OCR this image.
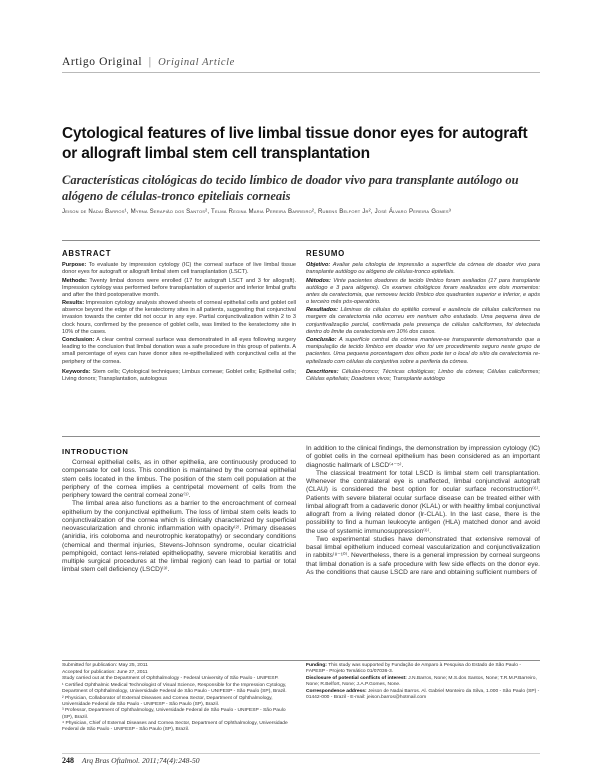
Artigo Original | Original Article
Cytological features of live limbal tissue donor eyes for autograft or allograft limbal stem cell transplantation
Características citológicas do tecido límbico de doador vivo para transplante autólogo ou alógeno de células-tronco epiteliais corneais
Jeison de Nadai Barros¹, Myrna Serapião dos Santos², Telma Regina Maria Pereira Barreiro², Rubens Belfort Jr², José Álvaro Pereira Gomes³
ABSTRACT

Purpose: To evaluate by impression cytology (IC) the corneal surface of live limbal tissue donor eyes for autograft or allograft limbal stem cell transplantation (LSCT).

Methods: Twenty limbal donors were enrolled (17 for autograft LSCT and 3 for allograft). Impression cytology was performed before transplantation of superior and inferior limbal grafts and after the third postoperative month.

Results: Impression cytology analysis showed sheets of corneal epithelial cells and goblet cell absence beyond the edge of the keratectomy sites in all patients, suggesting that conjunctival invasion towards the center did not occur in any eye. Partial conjunctivalization within 2 to 3 clock hours, confirmed by the presence of goblet cells, was limited to the keratectomy site in 10% of the cases.

Conclusion: A clear central corneal surface was demonstrated in all eyes following surgery leading to the conclusion that limbal donation was a safe procedure in this group of patients. A small percentage of eyes can have donor sites re-epithelialized with conjunctival cells at the periphery of the cornea.

Keywords: Stem cells; Cytological techniques; Limbus corneae; Goblet cells; Epithelial cells; Living donors; Transplantation, autologous

RESUMO

Objetivo: Avaliar pela citologia de impressão a superfície da córnea de doador vivo para transplante autólogo ou alógeno de células-tronco epiteliais.

Métodos: Vinte pacientes doadores de tecido límbico foram avaliados (17 para transplante autólogo e 3 para alógeno). Os exames citológicos foram realizados em dois momentos: antes da ceratectomia, que removeu tecido límbico dos quadrantes superior e inferior, e após o terceiro mês pós-operatório.

Resultados: Lâminas de células do epitélio corneal e ausência de células caliciformes na margem da ceratectomia não ocorreu em nenhum olho estudado. Uma pequena área de conjuntivalização parcial, confirmada pela presença de células caliciformes, foi detectada dentro do limite da ceratectomia em 10% dos casos.

Conclusão: A superfície central da córnea manteve-se transparente demonstrando que a manipulação de tecido límbico em doador vivo foi um procedimento seguro neste grupo de pacientes. Uma pequena porcentagem dos olhos pode ter o local do sítio da ceratectomia re-epitelizado com células da conjuntiva sobre a periferia da córnea.

Descritores: Células-tronco; Técnicas citológicas; Limbo da córnea; Células caliciformes; Células epiteliais; Doadores vivos; Transplante autólogo

INTRODUCTION

Corneal epithelial cells, as in other epithelia, are continuously produced to compensate for cell loss. This condition is maintained by the corneal epithelial stem cells located in the limbus. The position of the stem cell population at the periphery of the cornea implies a centripetal movement of cells from the periphery toward the central corneal zone⁽¹⁾.

The limbal area also functions as a barrier to the encroachment of corneal epithelium by the conjunctival epithelium. The loss of limbal stem cells leads to conjunctivalization of the cornea which is clinically characterized by superficial neovascularization and chronic inflammation with opacity⁽²⁾. Primary diseases (aniridia, iris coloboma and neurotrophic keratopathy) or secondary conditions (chemical and thermal injuries, Stevens-Johnson syndrome, ocular cicatricial pemphigoid, contact lens-related epitheliopathy, severe microbial keratitis and multiple surgical procedures at the limbal region) can lead to partial or total limbal stem cell deficiency (LSCD)⁽³⁾.

In addition to the clinical findings, the demonstration by impression cytology (IC) of goblet cells in the corneal epithelium has been considered as an important diagnostic hallmark of LSCD⁽⁴⁻⁵⁾.

The classical treatment for total LSCD is limbal stem cell transplantation. Whenever the contralateral eye is unaffected, limbal conjunctival autograft (CLAU) is considered the best option for ocular surface reconstruction⁽⁶⁾. Patients with severe bilateral ocular surface disease can be treated either with limbal allograft from a cadaveric donor (KLAL) or with healthy limbal conjunctival allograft from a living related donor (lr-CLAL). In the last case, there is the possibility to find a human leukocyte antigen (HLA) matched donor and avoid the use of systemic immunosuppression⁽⁶⁾.

Two experimental studies have demonstrated that extensive removal of basal limbal epithelium induced corneal vascularization and conjunctivalization in rabbits⁽⁸⁻¹⁰⁾. Nevertheless, there is a general impression by corneal surgeons that limbal donation is a safe procedure with few side effects on the donor eye. As the conditions that cause LSCD are rare and obtaining sufficient numbers of

Submitted for publication: May 25, 2011

Accepted for publication: June 27, 2011

Study carried out at the Department of Ophthalmology - Federal University of São Paulo - UNIFESP.

¹ Certified Ophthalmic Medical Technologist of Visual Science, Responsible for the Impression Cytology, Department of Ophthalmology, Universidade Federal de São Paulo - UNIFESP - São Paulo (SP), Brazil.

² Physician, Collaborator of External Diseases and Cornea Sector, Department of Ophthalmology, Universidade Federal de São Paulo - UNIFESP - São Paulo (SP), Brazil.

³ Professor, Department of Ophthalmology, Universidade Federal de São Paulo - UNIFESP - São Paulo (SP), Brazil.

⁴ Physician, Chief of External Diseases and Cornea Sector, Department of Ophthalmology, Universidade Federal de São Paulo - UNIFESP - São Paulo (SP), Brazil.

Funding: This study was supported by Fundação de Amparo à Pesquisa do Estado de São Paulo - FAPESP - Projeto Temático 01/07036-3.

Disclosure of potential conflicts of interest: J.N.Barros, None; M.S.dos Santos, None; T.R.M.P.Barreiro, None; R.Belfort, None; J.A.P.Gomes, None.

Correspondence address: Jeison de Nadai Barros. Al. Gabriel Monteiro da Silva, 1.000 - São Paulo (SP) - 01442-000 - Brazil - E-mail: jeison.barros@hotmail.com

248 Arq Bras Oftalmol. 2011;74(4):248-50
